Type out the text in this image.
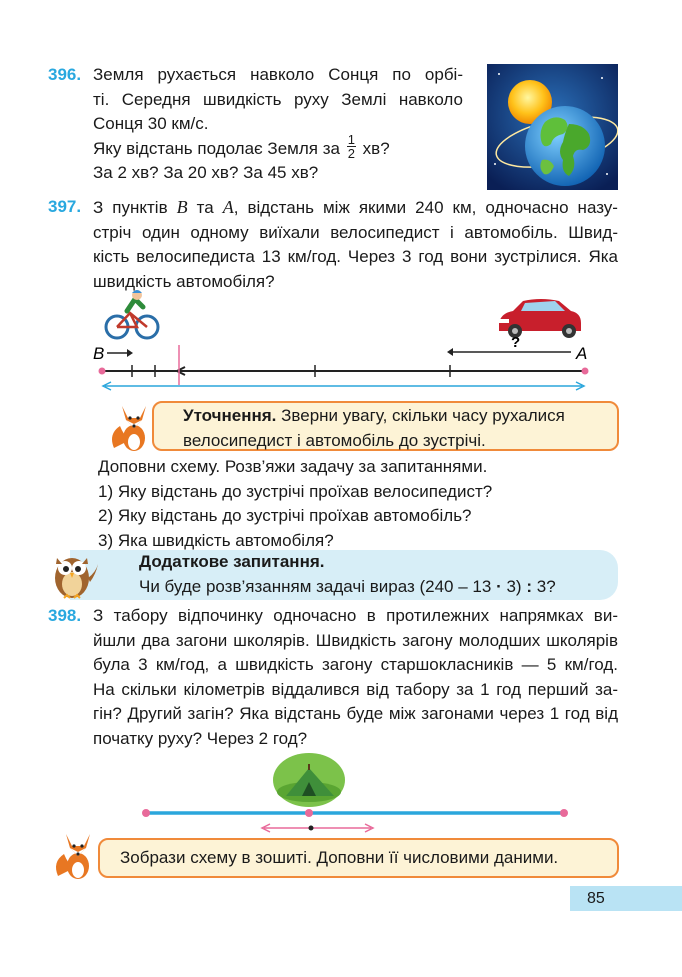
396. Земля рухається навколо Сонця по орбі-
ті. Середня швидкість руху Землі навколо
Сонця 30 км/с.
Яку відстань подолає Земля за $\frac{1}{2}$ хв?
За 2 хв? За 20 хв? За 45 хв?
397. З пунктів B та A, відстань між якими 240 км, одночасно назу-
стріч один одному виїхали велосипедист і автомобіль. Швид-
кість велосипедиста 13 км/год. Через 3 год вони зустрілися. Яка
швидкість автомобіля?
B	A
?
Уточнення. Зверни увагу, скільки часу рухалися
велосипедист і автомобіль до зустрічі.
Доповни схему. Розв’яжи задачу за запитаннями.
1) Яку відстань до зустрічі проїхав велосипедист?
2) Яку відстань до зустрічі проїхав автомобіль?
3) Яка швидкість автомобіля?
Додаткове запитання.
Чи буде розв’язанням задачі вираз (240 – 13 · 3) : 3?
398. З табору відпочинку одночасно в протилежних напрямках ви-
йшли два загони школярів. Швидкість загону молодших школярів
була 3 км/год, а швидкість загону старшокласників — 5 км/год.
На скільки кілометрів віддалився від табору за 1 год перший за-
гін? Другий загін? Яка відстань буде між загонами через 1 год від
початку руху? Через 2 год?
Зобрази схему в зошиті. Доповни її числовими даними.
85
